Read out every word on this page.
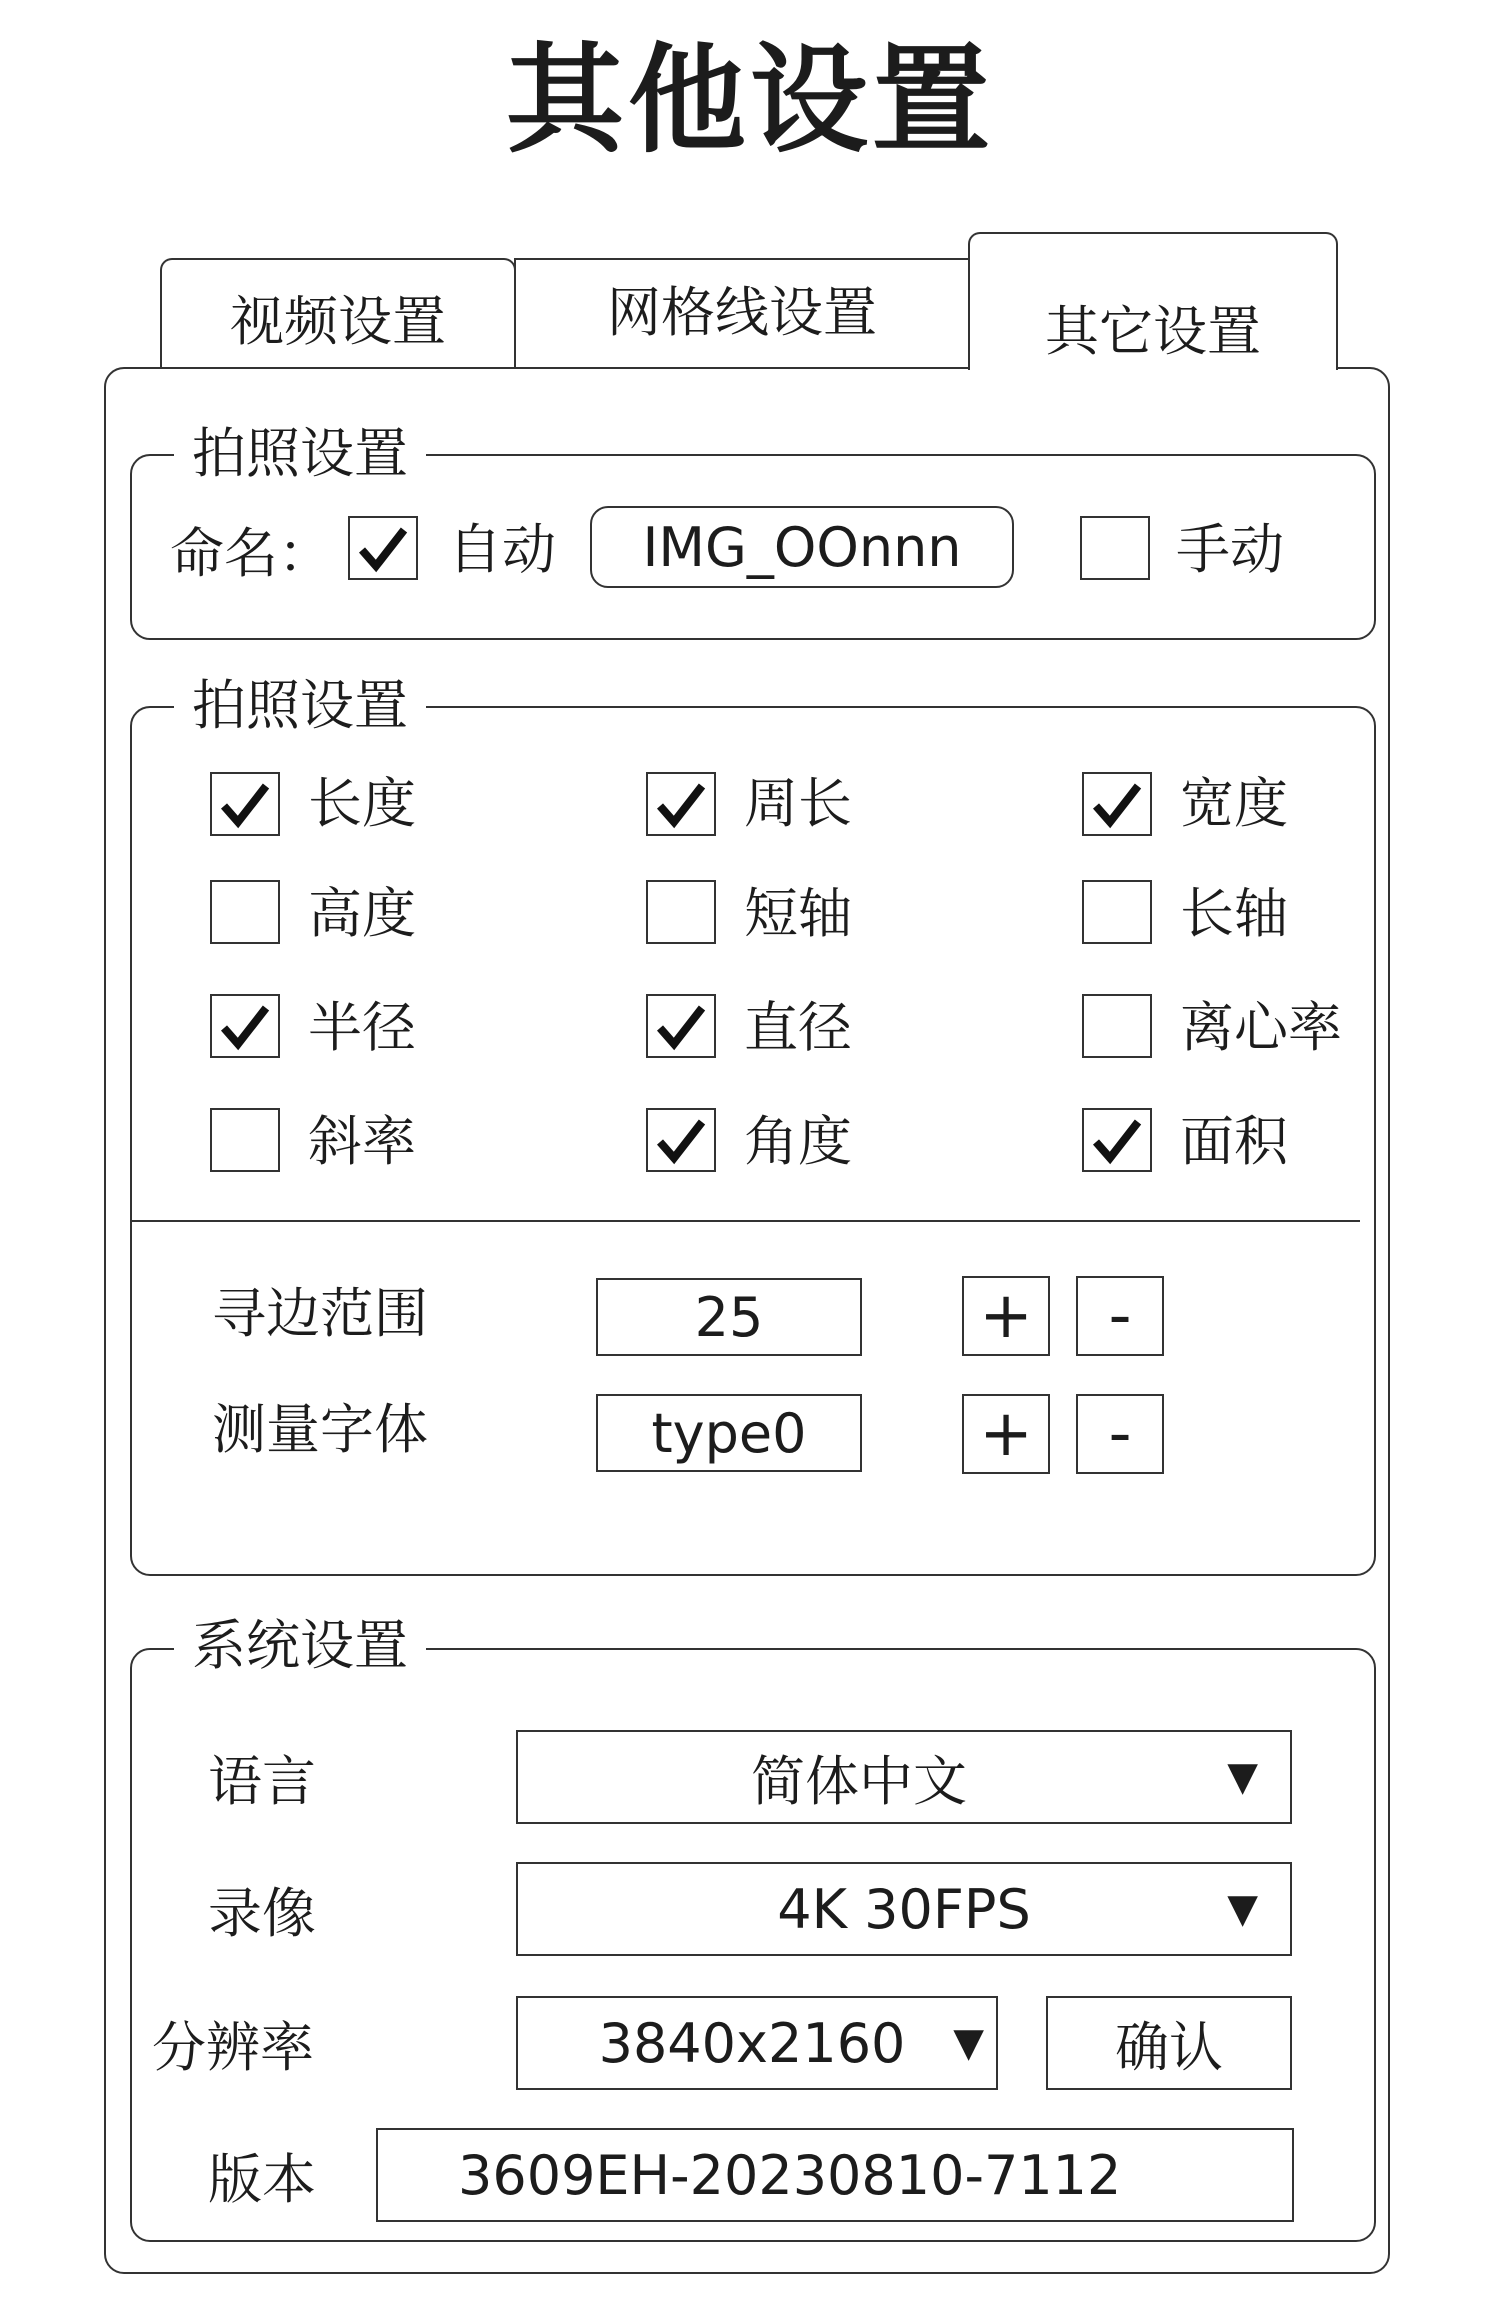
其他设置
视频设置	网格线设置	其它设置
拍照设置
命名： 自动	IMG_OOnnn	手动
拍照设置
长度	周长	宽度
高度	短轴	长轴
半径	直径	离心率
斜率	角度	面积
寻边范围	25	+	-
测量字体	type0	+	-
系统设置
语言	简体中文	▼
录像	4K 30FPS	▼
分辨率	3840x2160	▼	确认
版本	3609EH-20230810-7112
